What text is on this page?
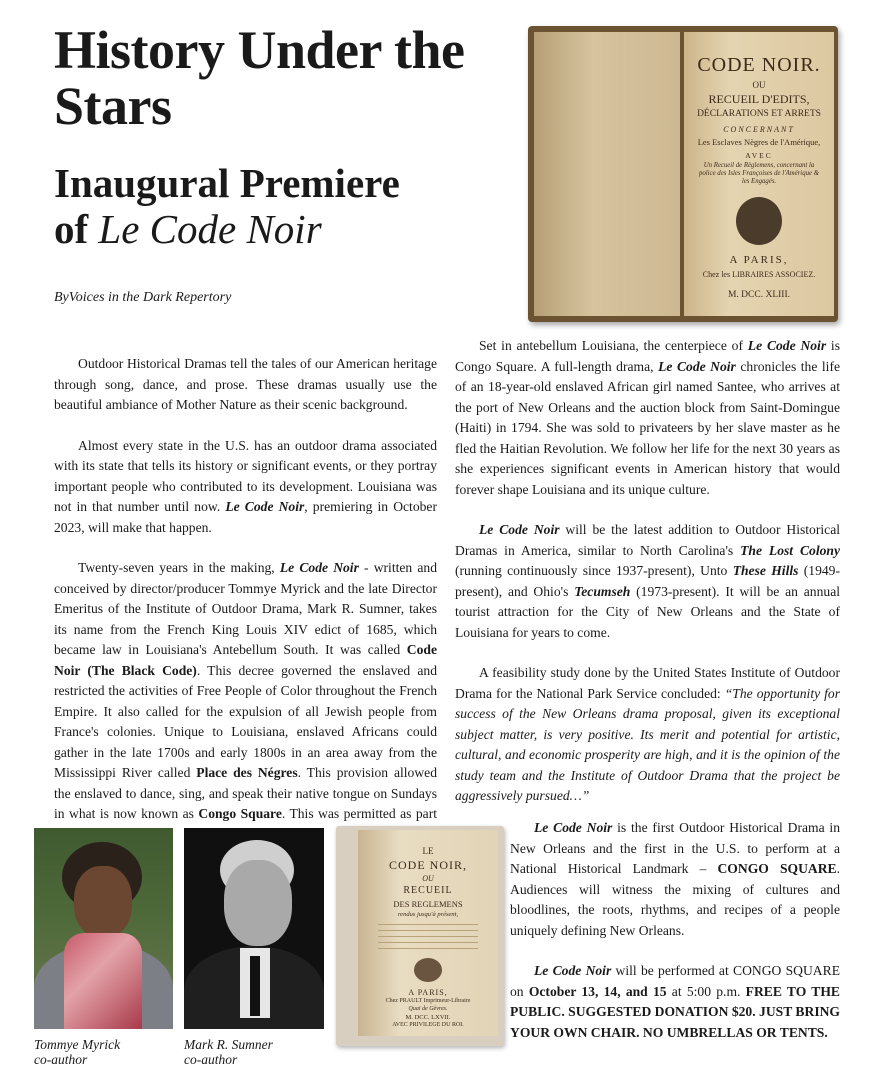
History Under the Stars
Inaugural Premiere
of Le Code Noir
ByVoices in the Dark Repertory
CODE NOIR.
OU
RECUEIL D'EDITS,
DÉCLARATIONS ET ARRETS
CONCERNANT
Les Esclaves Nègres de l'Amérique,
AVEC
Un Recueil de Règlemens, concernant la police des Isles Françoises de l'Amérique & les Engagés.
A PARIS,
Chez les LIBRAIRES ASSOCIEZ.
M. DCC. XLIII.

Outdoor Historical Dramas tell the tales of our American heritage through song, dance, and prose. These dramas usually use the beautiful ambiance of Mother Nature as their scenic background.

Almost every state in the U.S. has an outdoor drama associated with its state that tells its history or significant events, or they portray important people who contributed to its development. Louisiana was not in that number until now. Le Code Noir, premiering in October 2023, will make that happen.

Twenty-seven years in the making, Le Code Noir - written and conceived by director/producer Tommye Myrick and the late Director Emeritus of the Institute of Outdoor Drama, Mark R. Sumner, takes its name from the French King Louis XIV edict of 1685, which became law in Louisiana's Antebellum South. It was called Code Noir (The Black Code). This decree governed the enslaved and restricted the activities of Free People of Color throughout the French Empire. It also called for the expulsion of all Jewish people from France's colonies. Unique to Louisiana, enslaved Africans could gather in the late 1700s and early 1800s in an area away from the Mississippi River called Place des Négres. This provision allowed the enslaved to dance, sing, and speak their native tongue on Sundays in what is now known as Congo Square. This was permitted as part

Set in antebellum Louisiana, the centerpiece of Le Code Noir is Congo Square. A full-length drama, Le Code Noir chronicles the life of an 18-year-old enslaved African girl named Santee, who arrives at the port of New Orleans and the auction block from Saint-Domingue (Haiti) in 1794. She was sold to privateers by her slave master as he fled the Haitian Revolution. We follow her life for the next 30 years as she experiences significant events in American history that would forever shape Louisiana and its unique culture.

Le Code Noir will be the latest addition to Outdoor Historical Dramas in America, similar to North Carolina's The Lost Colony (running continuously since 1937-present), Unto These Hills (1949-present), and Ohio's Tecumseh (1973-present). It will be an annual tourist attraction for the City of New Orleans and the State of Louisiana for years to come.

A feasibility study done by the United States Institute of Outdoor Drama for the National Park Service concluded: “The opportunity for success of the New Orleans drama proposal, given its exceptional subject matter, is very positive. Its merit and potential for artistic, cultural, and economic prosperity are high, and it is the opinion of the study team and the Institute of Outdoor Drama that the project be aggressively pursued…”

LE
CODE NOIR,
OU
RECUEIL
DES REGLEMENS
rendus jusqu'à présent,
A PARIS,
Chez PRAULT Imprimeur-Libraire
Quai de Gèvres.
M. DCC. LXVII.
AVEC PRIVILEGE DU ROI.

Le Code Noir is the first Outdoor Historical Drama in New Orleans and the first in the U.S. to perform at a National Historical Landmark – CONGO SQUARE. Audiences will witness the mixing of cultures and bloodlines, the roots, rhythms, and recipes of a people uniquely defining New Orleans.

Le Code Noir will be performed at CONGO SQUARE on October 13, 14, and 15 at 5:00 p.m. FREE TO THE PUBLIC. SUGGESTED DONATION $20. JUST BRING YOUR OWN CHAIR. NO UMBRELLAS OR TENTS.

Tommye Myrick
co-author
Mark R. Sumner
co-author
